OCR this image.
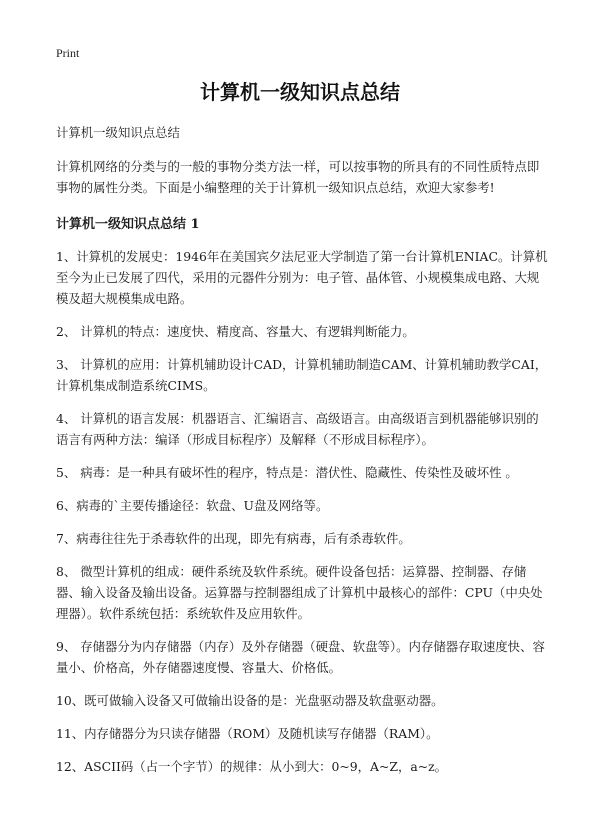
Print
计算机一级知识点总结

计算机一级知识点总结

计算机网络的分类与的一般的事物分类方法一样，可以按事物的所具有的不同性质特点即事物的属性分类。下面是小编整理的关于计算机一级知识点总结，欢迎大家参考!

计算机一级知识点总结 1

1、计算机的发展史：1946年在美国宾夕法尼亚大学制造了第一台计算机ENIAC。计算机至今为止已发展了四代，采用的元器件分别为：电子管、晶体管、小规模集成电路、大规模及超大规模集成电路。

2、 计算机的特点：速度快、精度高、容量大、有逻辑判断能力。

3、 计算机的应用：计算机辅助设计CAD，计算机辅助制造CAM、计算机辅助教学CAI，计算机集成制造系统CIMS。

4、 计算机的语言发展：机器语言、汇编语言、高级语言。由高级语言到机器能够识别的语言有两种方法：编译（形成目标程序）及解释（不形成目标程序）。

5、 病毒：是一种具有破坏性的程序，特点是：潜伏性、隐藏性、传染性及破坏性 。

6、病毒的`主要传播途径：软盘、U盘及网络等。

7、病毒往往先于杀毒软件的出现，即先有病毒，后有杀毒软件。

8、 微型计算机的组成：硬件系统及软件系统。硬件设备包括：运算器、控制器、存储器、输入设备及输出设备。运算器与控制器组成了计算机中最核心的部件：CPU（中央处理器）。软件系统包括：系统软件及应用软件。

9、 存储器分为内存储器（内存）及外存储器（硬盘、软盘等）。内存储器存取速度快、容量小、价格高，外存储器速度慢、容量大、价格低。

10、既可做输入设备又可做输出设备的是：光盘驱动器及软盘驱动器。

11、内存储器分为只读存储器（ROM）及随机读写存储器（RAM）。

12、ASCII码（占一个字节）的规律：从小到大：0~9，A~Z，a~z。
